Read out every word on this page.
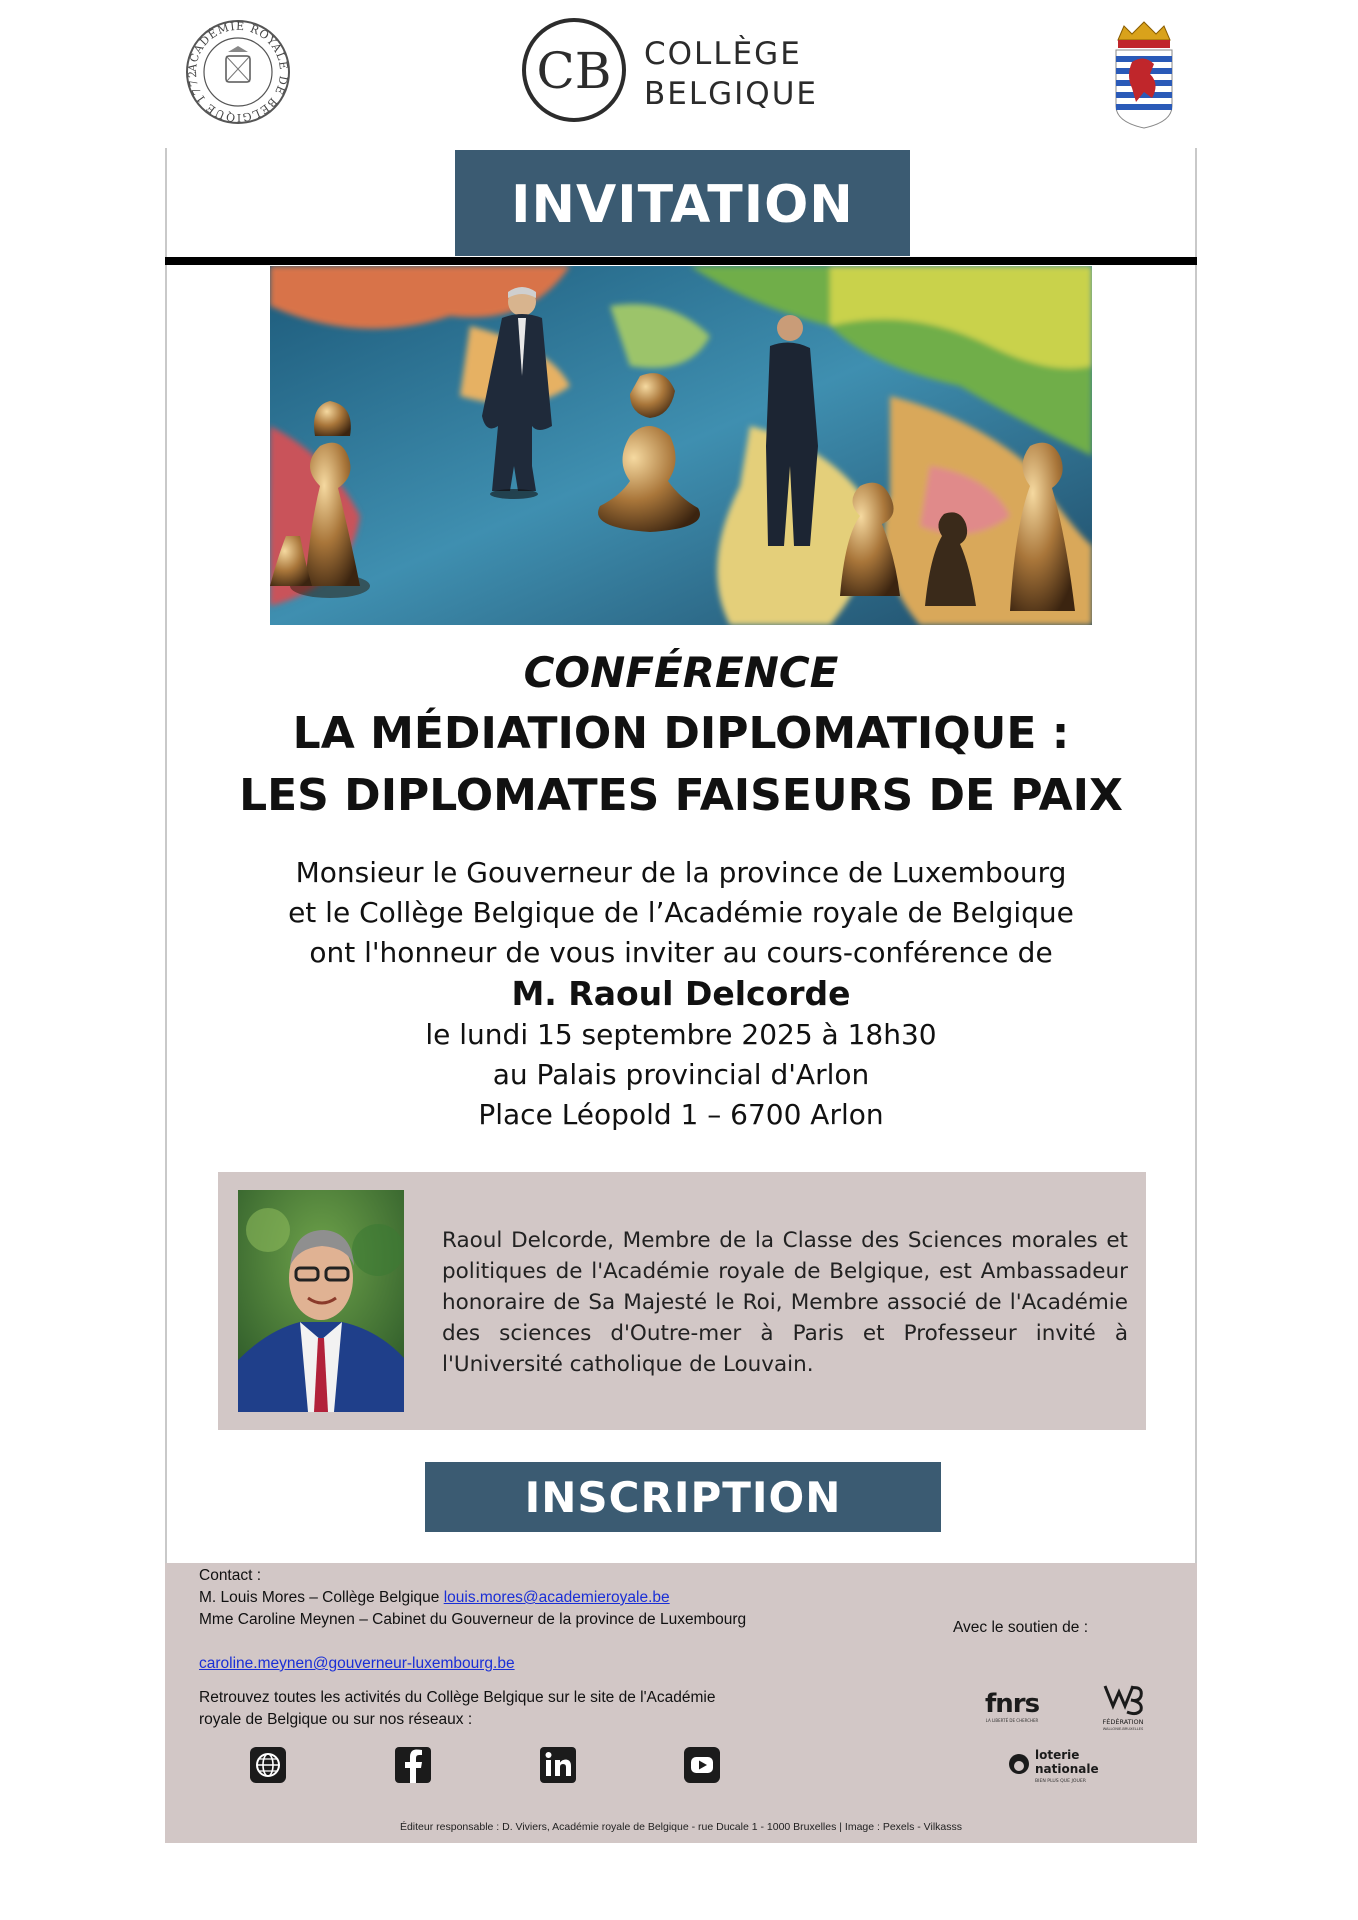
ACADÉMIE ROYALE DE BELGIQUE 1772	CB COLLÈGE
BELGIQUE
INVITATION
CONFÉRENCE
LA MÉDIATION DIPLOMATIQUE :
LES DIPLOMATES FAISEURS DE PAIX
Monsieur le Gouverneur de la province de Luxembourg
et le Collège Belgique de l’Académie royale de Belgique
ont l'honneur de vous inviter au cours-conférence de
M. Raoul Delcorde
le lundi 15 septembre 2025 à 18h30
au Palais provincial d'Arlon
Place Léopold 1 – 6700 Arlon
Raoul Delcorde, Membre de la Classe des Sciences morales et politiques de l'Académie royale de Belgique, est Ambassadeur honoraire de Sa Majesté le Roi, Membre associé de l'Académie des sciences d'Outre-mer à Paris et Professeur invité à l'Université catholique de Louvain.
INSCRIPTION
Contact :
M. Louis Mores – Collège Belgique louis.mores@academieroyale.be
Mme Caroline Meynen – Cabinet du Gouverneur de la province de Luxembourg
caroline.meynen@gouverneur-luxembourg.be
Retrouvez toutes les activités du Collège Belgique sur le site de l'Académie royale de Belgique ou sur nos réseaux :
Avec le soutien de :
fnrs
LA LIBERTÉ DE CHERCHER	FÉDÉRATION
WALLONIE-BRUXELLES
loterie
nationale
BIEN PLUS QUE JOUER
Éditeur responsable : D. Viviers, Académie royale de Belgique - rue Ducale 1 - 1000 Bruxelles | Image : Pexels - Vilkasss
